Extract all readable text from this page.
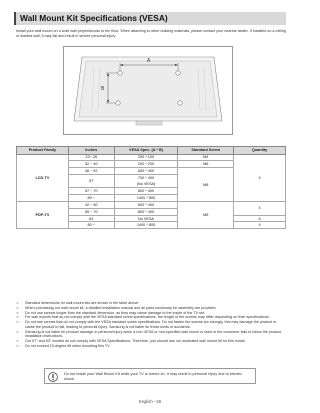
Wall Mount Kit Specifications (VESA)
Install your wall mount on a solid wall perpendicular to the floor. When attaching to other building materials, please contact your nearest dealer. If installed on a ceiling or slanted wall, it may fall and result in severe personal injury.
A
B
Product Family	Inches	VESA Spec. (A * B)	Standard Screw	Quantity
LCD-TV	23~ 26	200 * 100	M4	4
	32 ~ 40	200 * 200	M6	
	46 ~ 52	600 * 400	M8	
	57	700 * 400		
		(No VESA)		
	57 ~ 70	800 * 400		
	80 ~	1400 * 800		
PDP-TV	42 ~ 50	600 * 400	M8	4
	55 ~ 70	800 * 400		
	63	No VESA		6
	80 ~	1400 * 800		4
➢ Standard dimensions for wall mount kits are shown in the table above.
➢ When purchasing our wall mount kit, a detailed installation manual and all parts necessary for assembly are provided.
➢ Do not use screws longer than the standard dimension, as they may cause damage to the inside of the TV set.
➢ For wall mounts that do not comply with the VESA standard screw specifications, the length of the screws may differ depending on their specifications.
➢ Do not use screws that do not comply with the VESA standard screw specifications. Do not fasten the screws too strongly, this may damage the product or cause the product to fall, leading to personal injury. Samsung is not liable for these kinds of accidents.
➢ Samsung is not liable for product damage or personal injury when a non-VESA or non-specified wall mount is used or the consumer fails to follow the product installation instructions.
➢ Our 57" and 63" models do not comply with VESA Specifications. Therefore, you should use our dedicated wall mount kit for this model.
➢ Do not exceed 15 degree tilt when mounting this TV.
Do not install your Wall Mount Kit while your TV is turned on. It may result in personal injury due to electric shock.
English - 69
